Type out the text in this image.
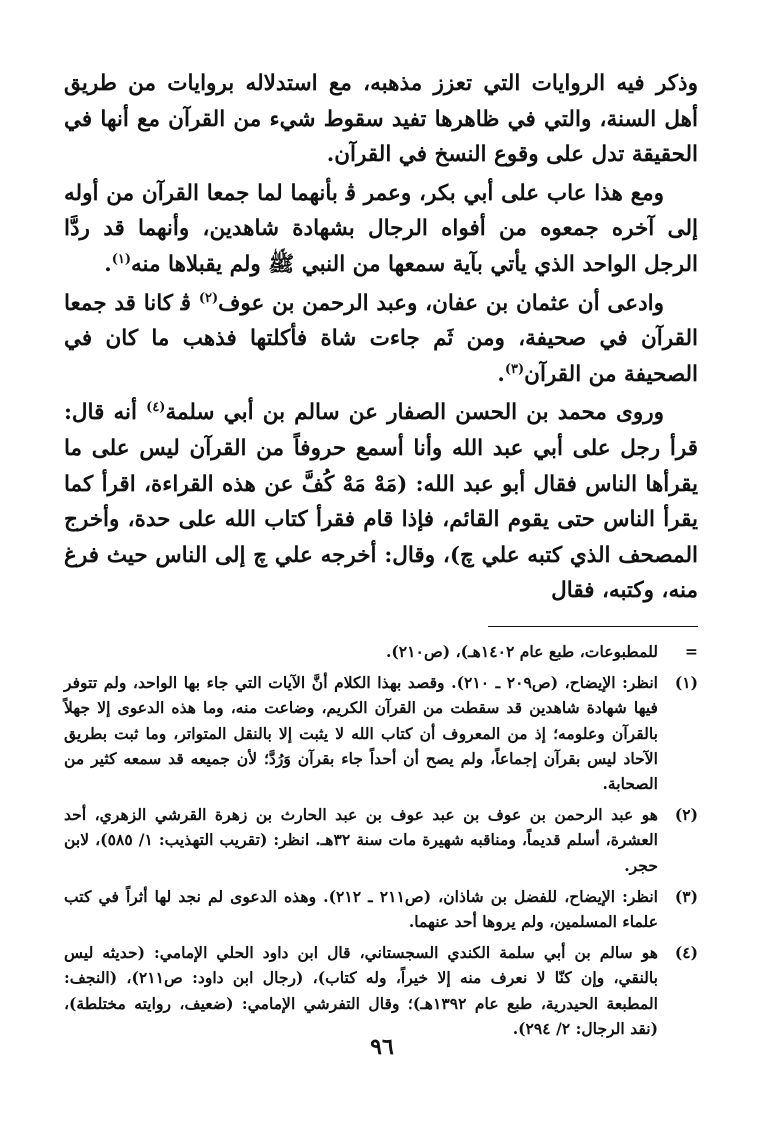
وذكر فيه الروايات التي تعزز مذهبه، مع استدلاله بروايات من طريق أهل السنة، والتي في ظاهرها تفيد سقوط شيء من القرآن مع أنها في الحقيقة تدل على وقوع النسخ في القرآن.

ومع هذا عاب على أبي بكر، وعمر ﭬ بأنهما لما جمعا القرآن من أوله إلى آخره جمعوه من أفواه الرجال بشهادة شاهدين، وأنهما قد ردَّا الرجل الواحد الذي يأتي بآية سمعها من النبي ﷺ ولم يقبلاها منه$^{(١)}$.

وادعى أن عثمان بن عفان، وعبد الرحمن بن عوف$^{(٢)}$ ﭬ كانا قد جمعا القرآن في صحيفة، ومن ثَم جاءت شاة فأكلتها فذهب ما كان في الصحيفة من القرآن$^{(٣)}$.

وروى محمد بن الحسن الصفار عن سالم بن أبي سلمة$^{(٤)}$ أنه قال: قرأ رجل على أبي عبد الله وأنا أسمع حروفاً من القرآن ليس على ما يقرأها الناس فقال أبو عبد الله: (مَهْ مَهْ كُفَّ عن هذه القراءة، اقرأ كما يقرأ الناس حتى يقوم القائم، فإذا قام فقرأ كتاب الله على حدة، وأخرج المصحف الذي كتبه علي ﭺ)، وقال: أخرجه علي ﭺ إلى الناس حيث فرغ منه، وكتبه، فقال

=
للمطبوعات، طبع عام ١٤٠٢هـ)، (ص٢١٠).
(١)
انظر: الإيضاح، (ص٢٠٩ ـ ٢١٠). وقصد بهذا الكلام أنَّ الآيات التي جاء بها الواحد، ولم تتوفر فيها شهادة شاهدين قد سقطت من القرآن الكريم، وضاعت منه، وما هذه الدعوى إلا جهلاً بالقرآن وعلومه؛ إذ من المعروف أن كتاب الله لا يثبت إلا بالنقل المتواتر، وما ثبت بطريق الآحاد ليس بقرآن إجماعاً، ولم يصح أن أحداً جاء بقرآن وَرُدَّ؛ لأن جميعه قد سمعه كثير من الصحابة.
(٢)
هو عبد الرحمن بن عوف بن عبد عوف بن عبد الحارث بن زهرة القرشي الزهري، أحد العشرة، أسلم قديماً، ومناقبه شهيرة مات سنة ٣٢هـ. انظر: (تقريب التهذيب: ١/ ٥٨٥)، لابن حجر.
(٣)
انظر: الإيضاح، للفضل بن شاذان، (ص٢١١ ـ ٢١٢). وهذه الدعوى لم نجد لها أثراً في كتب علماء المسلمين، ولم يروها أحد عنهما.
(٤)
هو سالم بن أبي سلمة الكندي السجستاني، قال ابن داود الحلي الإمامي: (حديثه ليس بالنقي، وإن كنّا لا نعرف منه إلا خيراً، وله كتاب)، (رجال ابن داود: ص٢١١)، (النجف: المطبعة الحيدرية، طبع عام ١٣٩٢هـ)؛ وقال التفرشي الإمامي: (ضعيف، روايته مختلطة)، (نقد الرجال: ٢/ ٢٩٤).
٩٦
